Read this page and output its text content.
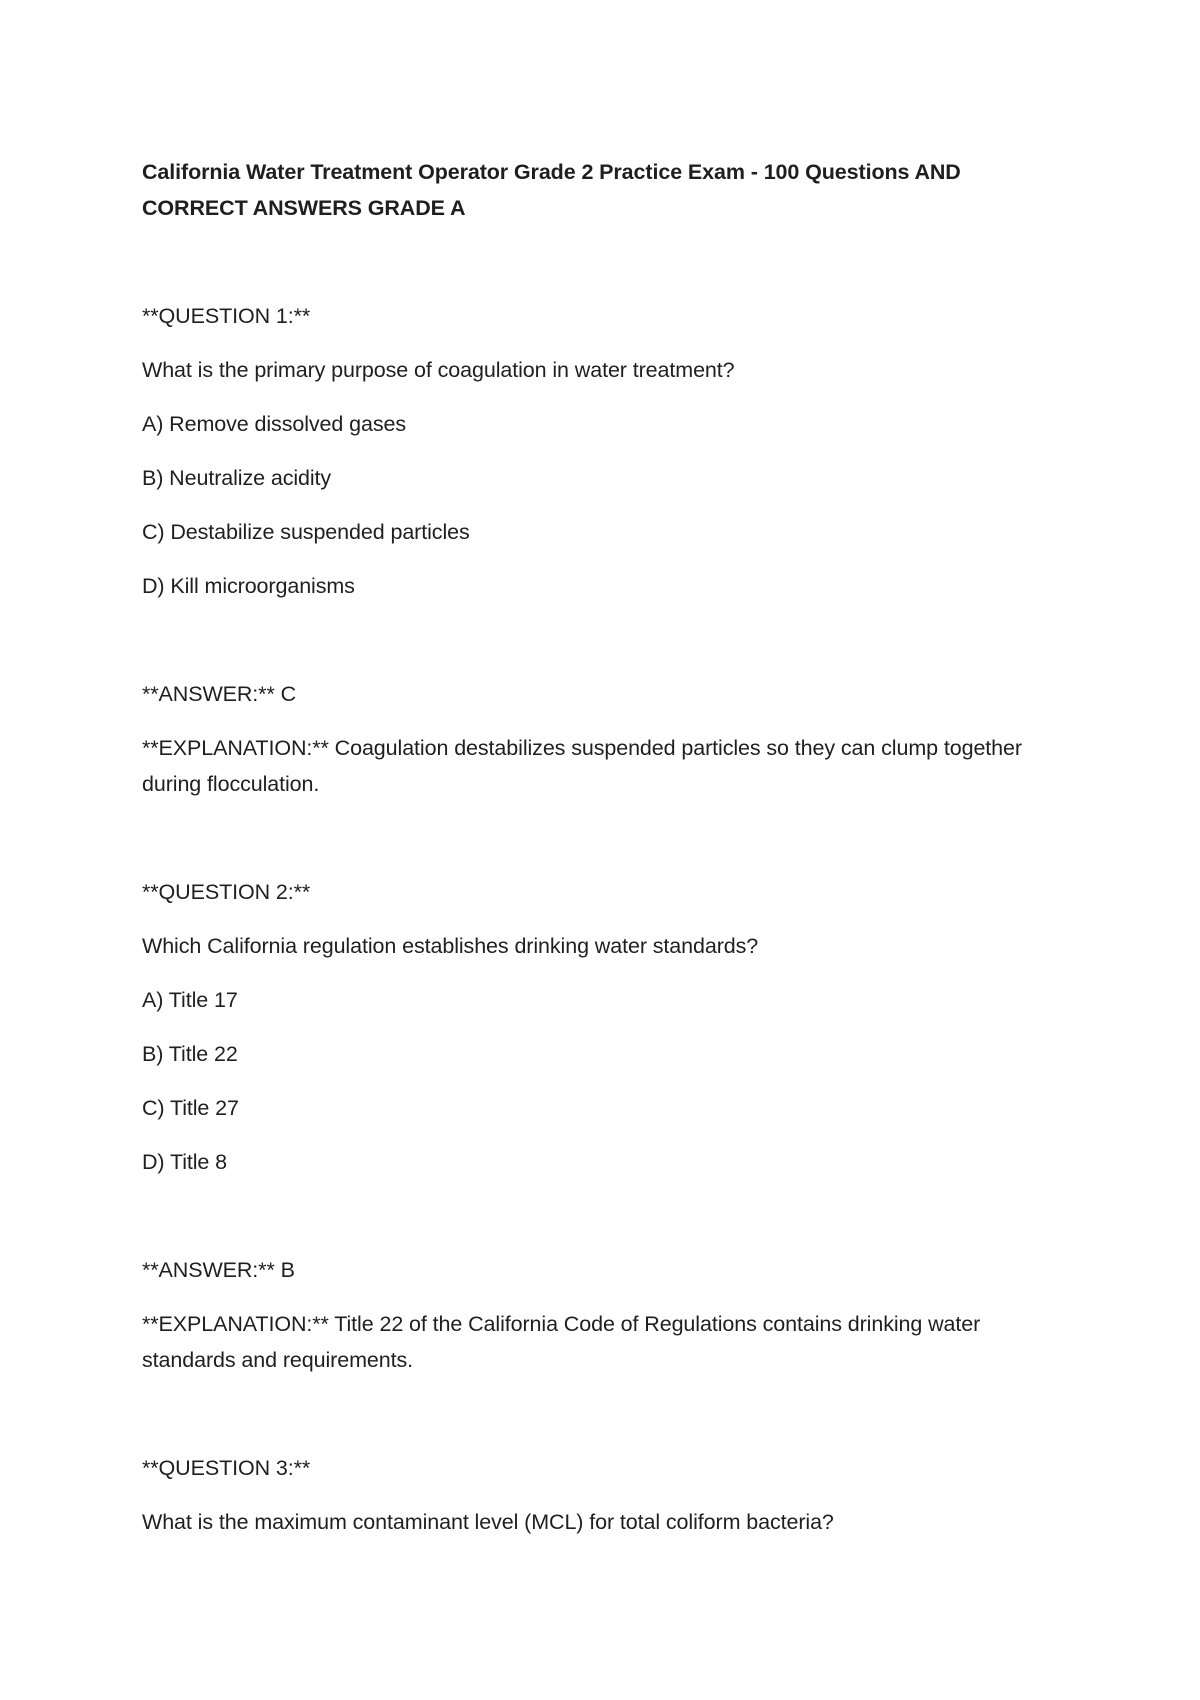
California Water Treatment Operator Grade 2 Practice Exam - 100 Questions AND CORRECT ANSWERS GRADE A

**QUESTION 1:**

What is the primary purpose of coagulation in water treatment?

A) Remove dissolved gases

B) Neutralize acidity

C) Destabilize suspended particles

D) Kill microorganisms

**ANSWER:** C

**EXPLANATION:** Coagulation destabilizes suspended particles so they can clump together during flocculation.

**QUESTION 2:**

Which California regulation establishes drinking water standards?

A) Title 17

B) Title 22

C) Title 27

D) Title 8

**ANSWER:** B

**EXPLANATION:** Title 22 of the California Code of Regulations contains drinking water standards and requirements.

**QUESTION 3:**

What is the maximum contaminant level (MCL) for total coliform bacteria?
